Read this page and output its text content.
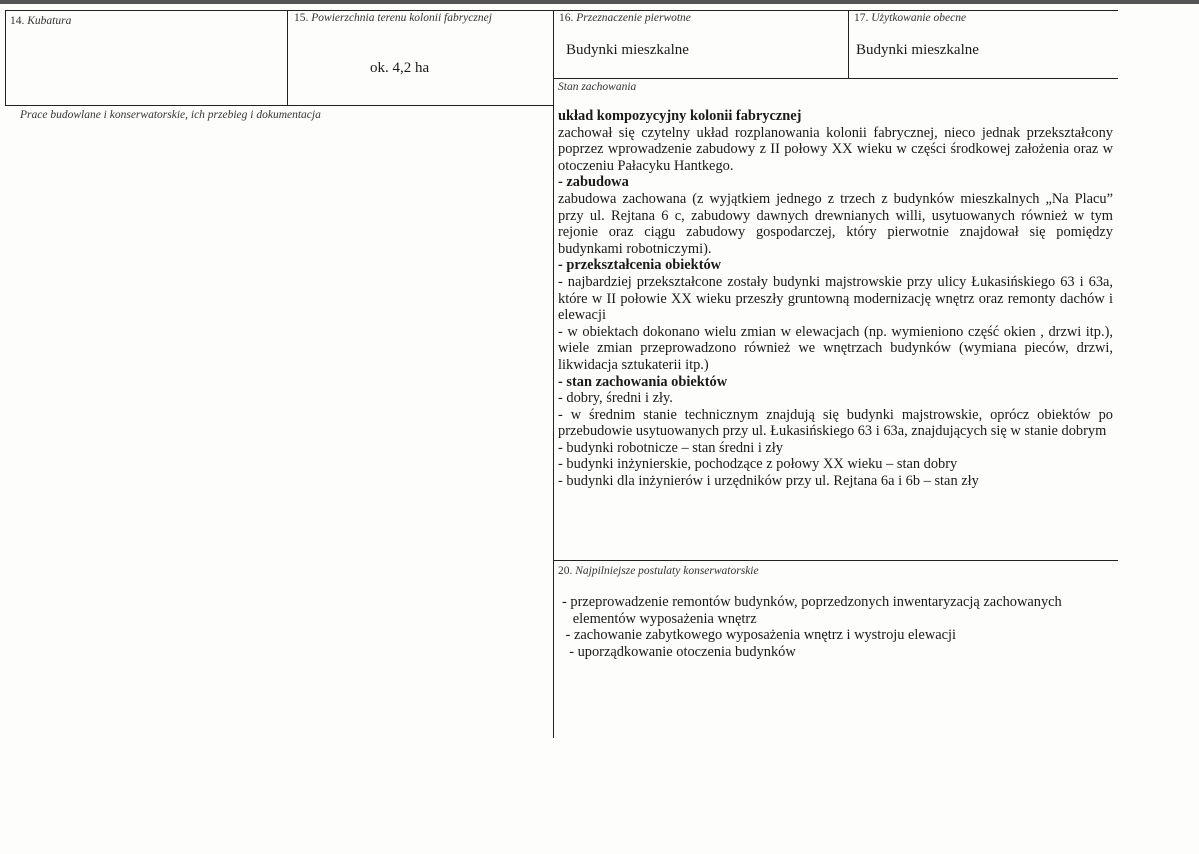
14. Kubatura	15. Powierzchnia terenu kolonii fabrycznej
ok. 4,2 ha
16. Przeznaczenie pierwotne
Budynki mieszkalne
17. Użytkowanie obecne
Budynki mieszkalne
Prace budowlane i konserwatorskie, ich przebieg i dokumentacja
Stan zachowania

układ kompozycyjny kolonii fabrycznej

zachował się czytelny układ rozplanowania kolonii fabrycznej, nieco jednak przekształcony poprzez wprowadzenie zabudowy z II połowy XX wieku w części środkowej założenia oraz w otoczeniu Pałacyku Hantkego.

- zabudowa

zabudowa zachowana (z wyjątkiem jednego z trzech z budynków mieszkalnych „Na Placu” przy ul. Rejtana 6 c, zabudowy dawnych drewnianych willi, usytuowanych również w tym rejonie oraz ciągu zabudowy gospodarczej, który pierwotnie znajdował się pomiędzy budynkami robotniczymi).

- przekształcenia obiektów

- najbardziej przekształcone zostały budynki majstrowskie przy ulicy Łukasińskiego 63 i 63a, które w II połowie XX wieku przeszły gruntowną modernizację wnętrz oraz remonty dachów i elewacji

- w obiektach dokonano wielu zmian w elewacjach (np. wymieniono część okien , drzwi itp.), wiele zmian przeprowadzono również we wnętrzach budynków (wymiana pieców, drzwi, likwidacja sztukaterii itp.)

- stan zachowania obiektów

- dobry, średni i zły.

- w średnim stanie technicznym znajdują się budynki majstrowskie, oprócz obiektów po przebudowie usytuowanych przy ul. Łukasińskiego 63 i 63a, znajdujących się w stanie dobrym

- budynki robotnicze – stan średni i zły

- budynki inżynierskie, pochodzące z połowy XX wieku – stan dobry

- budynki dla inżynierów i urzędników przy ul. Rejtana 6a i 6b – stan zły

20. Najpilniejsze postulaty konserwatorskie

- przeprowadzenie remontów budynków, poprzedzonych inwentaryzacją zachowanych

elementów wyposażenia wnętrz

- zachowanie zabytkowego wyposażenia wnętrz i wystroju elewacji

- uporządkowanie otoczenia budynków
